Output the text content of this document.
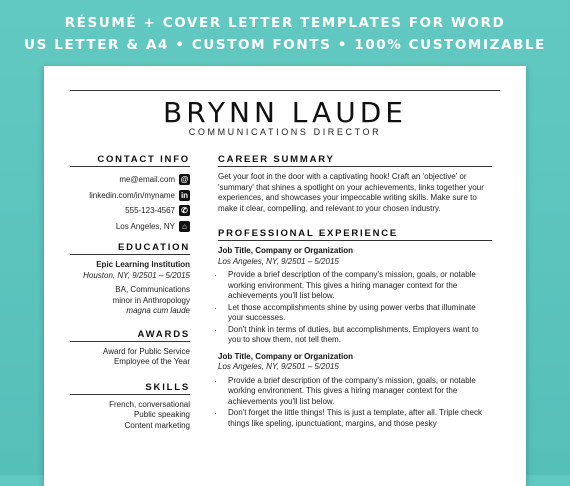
RÉSUMÉ + COVER LETTER TEMPLATES FOR WORD
US LETTER & A4 • CUSTOM FONTS • 100% CUSTOMIZABLE
BRYNN LAUDE
COMMUNICATIONS DIRECTOR
CONTACT INFO
me@email.com @
linkedin.com/in/myname in
555-123-4567 ✆
Los Angeles, NY ⌂
EDUCATION
Epic Learning Institution
Houston, NY, 9/2501 – 5/2015
BA, Communications
minor in Anthropology
magna cum laude
AWARDS
Award for Public Service
Employee of the Year
SKILLS
French, conversational
Public speaking
Content marketing
CAREER SUMMARY
Get your foot in the door with a captivating hook! Craft an 'objective' or 'summary' that shines a spotlight on your achievements, links together your experiences, and showcases your impeccable writing skills. Make sure to make it clear, compelling, and relevant to your chosen industry.
PROFESSIONAL EXPERIENCE
Job Title, Company or Organization
Los Angeles, NY, 9/2501 – 5/2015
· Provide a brief description of the company's mission, goals, or notable working environment. This gives a hiring manager context for the achievements you'll list below.
· Let those accomplishments shine by using power verbs that illuminate your successes.
· Don't think in terms of duties, but accomplishments. Employers want to you to show them, not tell them.
Job Title, Company or Organization
Los Angeles, NY, 9/2501 – 5/2015
· Provide a brief description of the company's mission, goals, or notable working environment. This gives a hiring manager context for the achievements you'll list below.
· Don't forget the little things! This is just a template, after all. Triple check things like speling, ipunctuationt, margins, and those pesky
